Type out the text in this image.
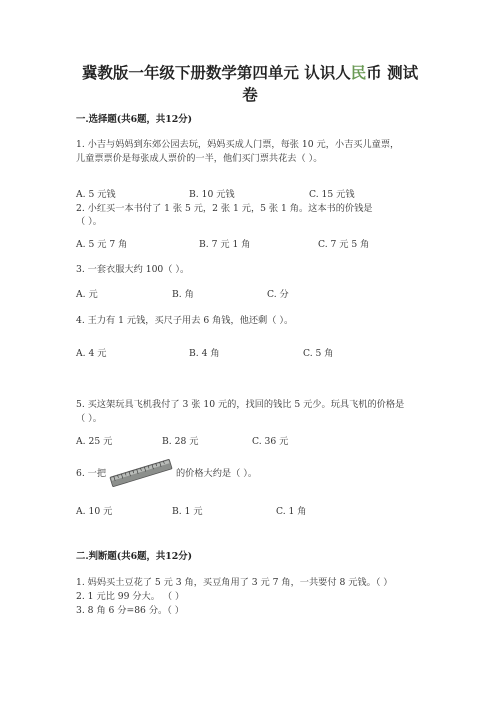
冀教版一年级下册数学第四单元 认识人民币 测试
卷
一.选择题(共6题，共12分)
1. 小吉与妈妈到东郊公园去玩，妈妈买成人门票，每张 10 元，小吉买儿童票，
儿童票票价是每张成人票价的一半，他们买门票共花去（ ）。
A. 5 元钱	B. 10 元钱	C. 15 元钱
2. 小红买一本书付了 1 张 5 元，2 张 1 元，5 张 1 角。这本书的价钱是
（ ）。
A. 5 元 7 角	B. 7 元 1 角	C. 7 元 5 角
3. 一套衣服大约 100（ ）。
A. 元	B. 角	C. 分
4. 王力有 1 元钱，买尺子用去 6 角钱，他还剩（ ）。
A. 4 元	B. 4 角	C. 5 角
5. 买这架玩具飞机我付了 3 张 10 元的，找回的钱比 5 元少。玩具飞机的价格是
（ ）。
A. 25 元	B. 28 元	C. 36 元
6. 一把	的价格大约是（ ）。
A. 10 元	B. 1 元	C. 1 角
二.判断题(共6题，共12分)
1. 妈妈买土豆花了 5 元 3 角，买豆角用了 3 元 7 角，一共要付 8 元钱。（ ）
2. 1 元比 99 分大。 （ ）
3. 8 角 6 分=86 分。（ ）
